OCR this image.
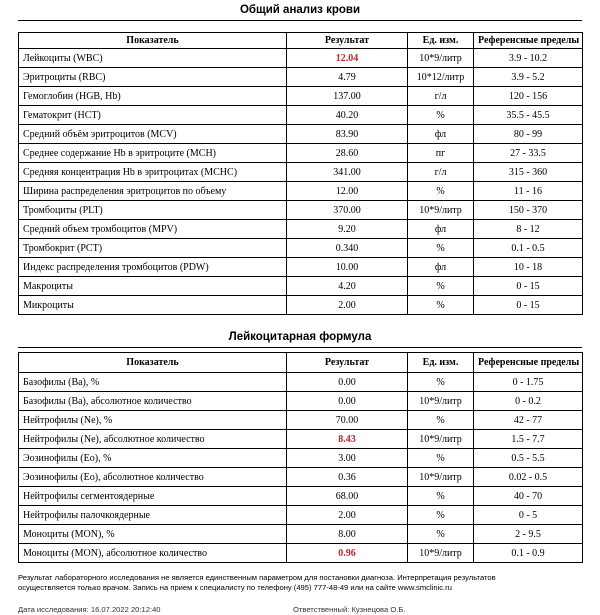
Общий анализ крови
Показатель	Результат	Ед. изм.	Референсные пределы
Лейкоциты (WBC)	12.04	10*9/литр	3.9 - 10.2
Эритроциты (RBC)	4.79	10*12/литр	3.9 - 5.2
Гемоглобин (HGB, Hb)	137.00	г/л	120 - 156
Гематокрит (HCT)	40.20	%	35.5 - 45.5
Средний объём эритроцитов (MCV)	83.90	фл	80 - 99
Среднее содержание Hb в эритроците (MCH)	28.60	пг	27 - 33.5
Средняя концентрация Hb в эритроцитах (MCHC)	341.00	г/л	315 - 360
Ширина распределения эритроцитов по объему	12.00	%	11 - 16
Тромбоциты (PLT)	370.00	10*9/литр	150 - 370
Средний объем тромбоцитов (MPV)	9.20	фл	8 - 12
Тромбокрит (PCT)	0.340	%	0.1 - 0.5
Индекс распределения тромбоцитов (PDW)	10.00	фл	10 - 18
Макроциты	4.20	%	0 - 15
Микроциты	2.00	%	0 - 15
Лейкоцитарная формула
Показатель	Результат	Ед. изм.	Референсные пределы
Базофилы (Ba), %	0.00	%	0 - 1.75
Базофилы (Ba), абсолютное количество	0.00	10*9/литр	0 - 0.2
Нейтрофилы (Ne), %	70.00	%	42 - 77
Нейтрофилы (Ne), абсолютное количество	8.43	10*9/литр	1.5 - 7.7
Эозинофилы (Eo), %	3.00	%	0.5 - 5.5
Эозинофилы (Eo), абсолютное количество	0.36	10*9/литр	0.02 - 0.5
Нейтрофилы сегментоядерные	68.00	%	40 - 70
Нейтрофилы палочкоядерные	2.00	%	0 - 5
Моноциты (MON), %	8.00	%	2 - 9.5
Моноциты (MON), абсолютное количество	0.96	10*9/литр	0.1 - 0.9
Результат лабораторного исследования не является единственным параметром для постановки диагноза. Интерпретация результатов
осуществляется только врачом. Запись на прием к специалисту по телефону (495) 777-48-49 или на сайте www.smclinic.ru
Дата исследования: 16.07.2022 20:12:40	Ответственный: Кузнецова О.Б.
